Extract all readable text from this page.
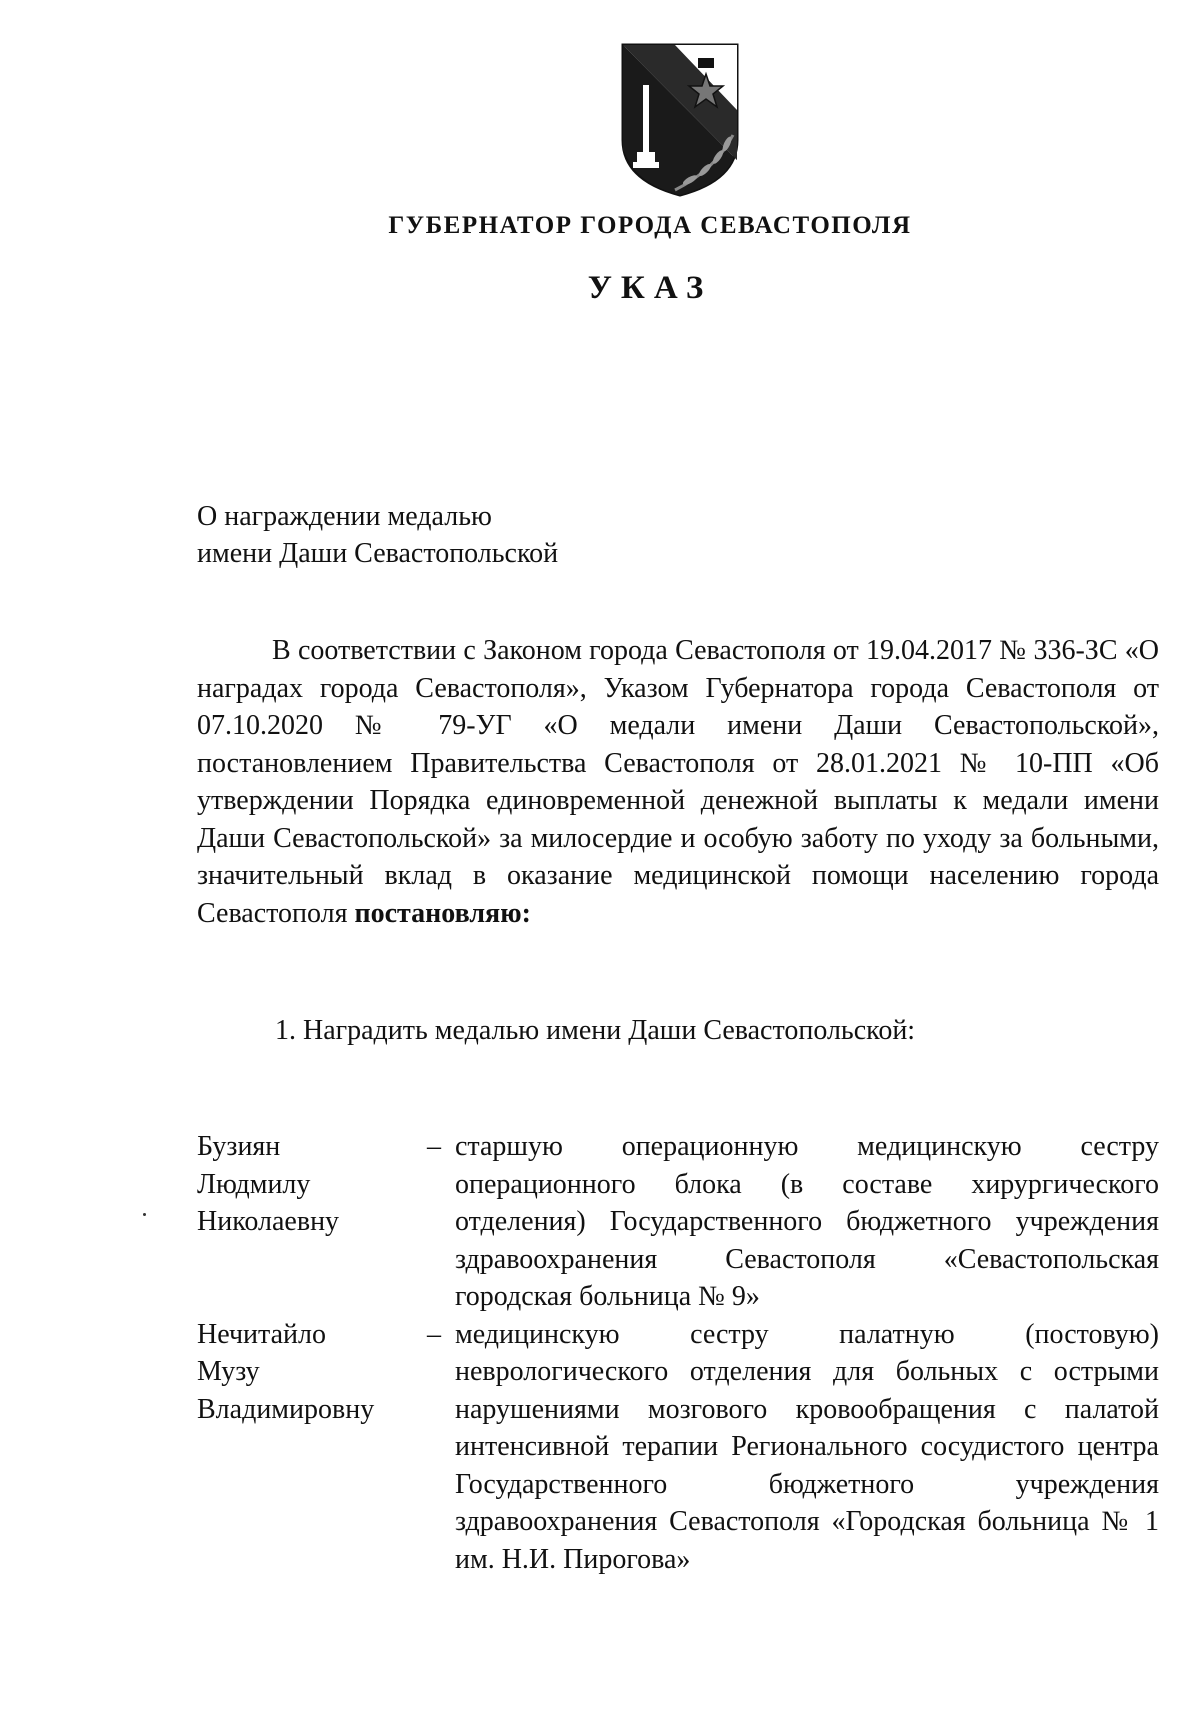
ГУБЕРНАТОР ГОРОДА СЕВАСТОПОЛЯ
УКАЗ
О награждении медалью
имени Даши Севастопольской
В соответствии с Законом города Севастополя от 19.04.2017 № 336-ЗС «О наградах города Севастополя», Указом Губернатора города Севастополя от 07.10.2020 № 79-УГ «О медали имени Даши Севастопольской», постановлением Правительства Севастополя от 28.01.2021 № 10-ПП «Об утверждении Порядка единовременной денежной выплаты к медали имени Даши Севастопольской» за милосердие и особую заботу по уходу за больными, значительный вклад в оказание медицинской помощи населению города Севастополя постановляю:
1. Наградить медалью имени Даши Севастопольской:
Бузиян
Людмилу
Николаевну
– старшую операционную медицинскую сестру операционного блока (в составе хирургического отделения) Государственного бюджетного учреждения здравоохранения Севастополя «Севастопольская городская больница № 9»
Нечитайло
Музу
Владимировну
– медицинскую сестру палатную (постовую) неврологического отделения для больных с острыми нарушениями мозгового кровообращения с палатой интенсивной терапии Регионального сосудистого центра Государственного бюджетного учреждения здравоохранения Севастополя «Городская больница № 1 им. Н.И. Пирогова»
